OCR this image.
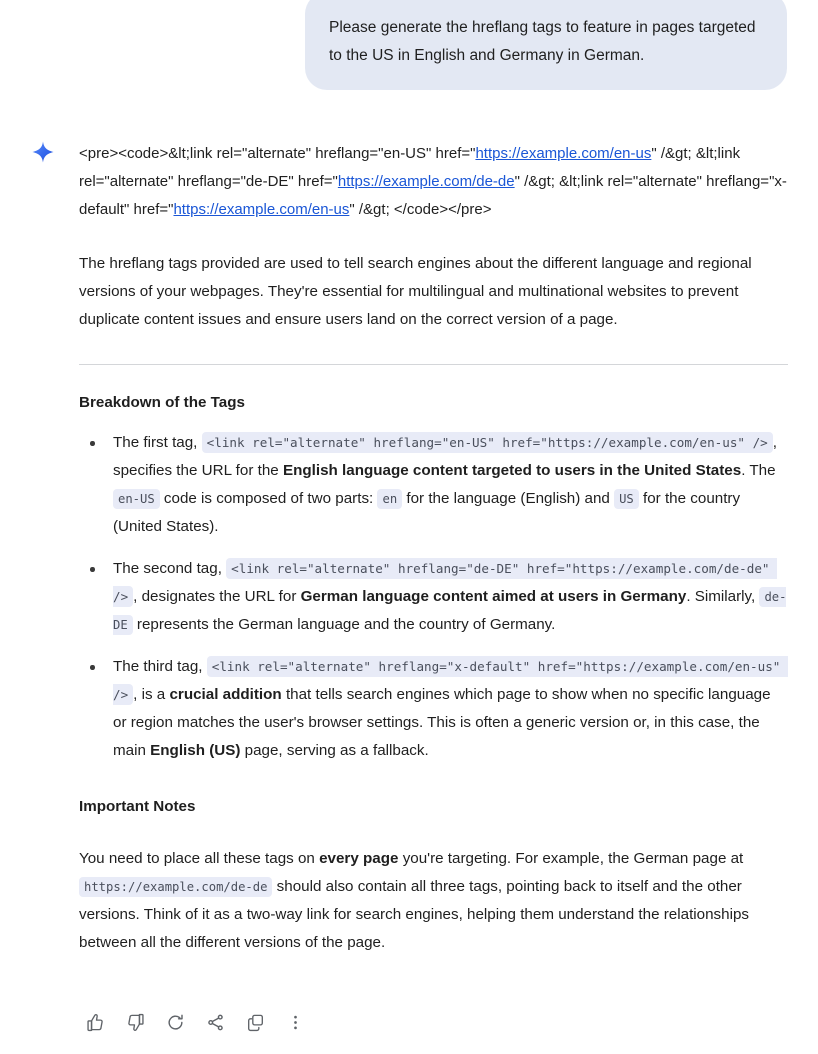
Please generate the hreflang tags to feature in pages targeted to the US in English and Germany in German.
<pre><code>&lt;link rel="alternate" hreflang="en-US" href="https://example.com/en-us" /&gt; &lt;link rel="alternate" hreflang="de-DE" href="https://example.com/de-de" /&gt; &lt;link rel="alternate" hreflang="x-default" href="https://example.com/en-us" /&gt; </code></pre>

The hreflang tags provided are used to tell search engines about the different language and regional versions of your webpages. They're essential for multilingual and multinational websites to prevent duplicate content issues and ensure users land on the correct version of a page.

Breakdown of the Tags
The first tag, <link rel="alternate" hreflang="en-US" href="https://example.com/en-us" /> , specifies the URL for the English language content targeted to users in the United States. The en-US code is composed of two parts: en for the language (English) and US for the country (United States).
The second tag, <link rel="alternate" hreflang="de-DE" href="https://example.com/de-de" /> , designates the URL for German language content aimed at users in Germany. Similarly, de-DE represents the German language and the country of Germany.
The third tag, <link rel="alternate" hreflang="x-default" href="https://example.com/en-us" /> , is a crucial addition that tells search engines which page to show when no specific language or region matches the user's browser settings. This is often a generic version or, in this case, the main English (US) page, serving as a fallback.
Important Notes

You need to place all these tags on every page you're targeting. For example, the German page at https://example.com/de-de should also contain all three tags, pointing back to itself and the other versions. Think of it as a two-way link for search engines, helping them understand the relationships between all the different versions of the page.
